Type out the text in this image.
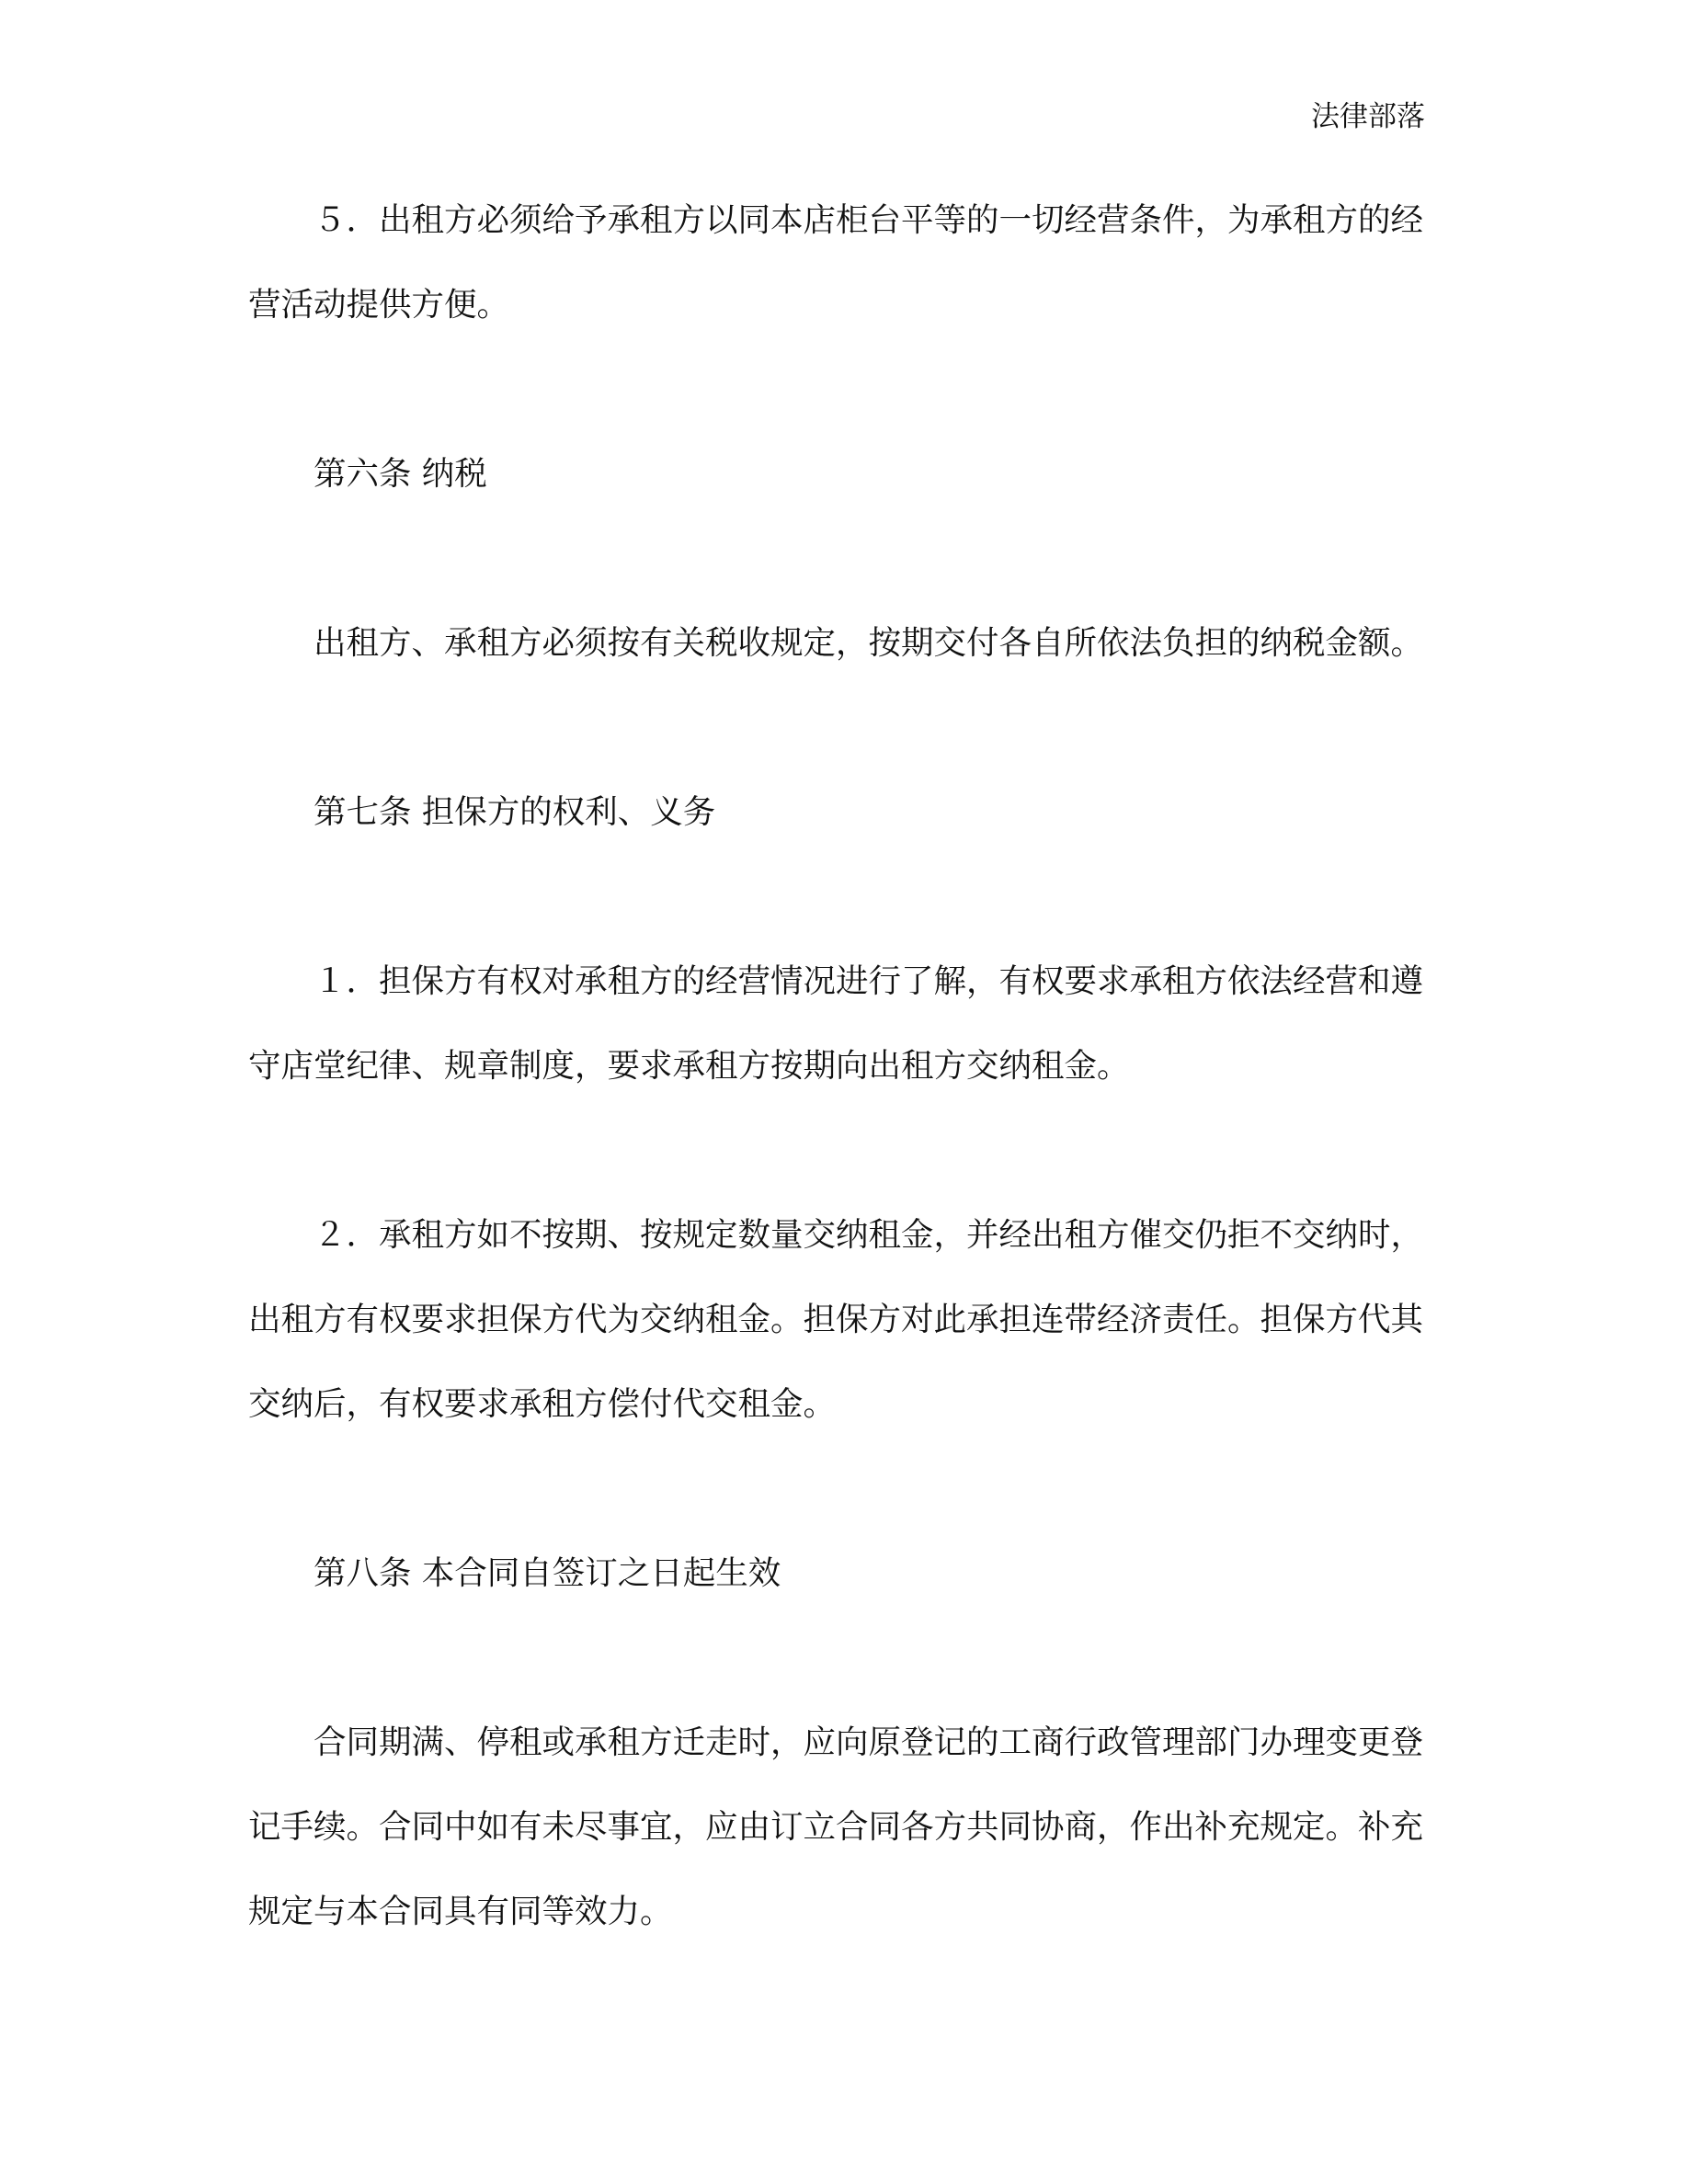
法律部落
５．出租方必须给予承租方以同本店柜台平等的一切经营条件，为承租方的经
营活动提供方便。
第六条 纳税
出租方、承租方必须按有关税收规定，按期交付各自所依法负担的纳税金额。
第七条 担保方的权利、义务
１．担保方有权对承租方的经营情况进行了解，有权要求承租方依法经营和遵
守店堂纪律、规章制度，要求承租方按期向出租方交纳租金。
２．承租方如不按期、按规定数量交纳租金，并经出租方催交仍拒不交纳时，
出租方有权要求担保方代为交纳租金。担保方对此承担连带经济责任。担保方代其
交纳后，有权要求承租方偿付代交租金。
第八条 本合同自签订之日起生效
合同期满、停租或承租方迁走时，应向原登记的工商行政管理部门办理变更登
记手续。合同中如有未尽事宜，应由订立合同各方共同协商，作出补充规定。补充
规定与本合同具有同等效力。
